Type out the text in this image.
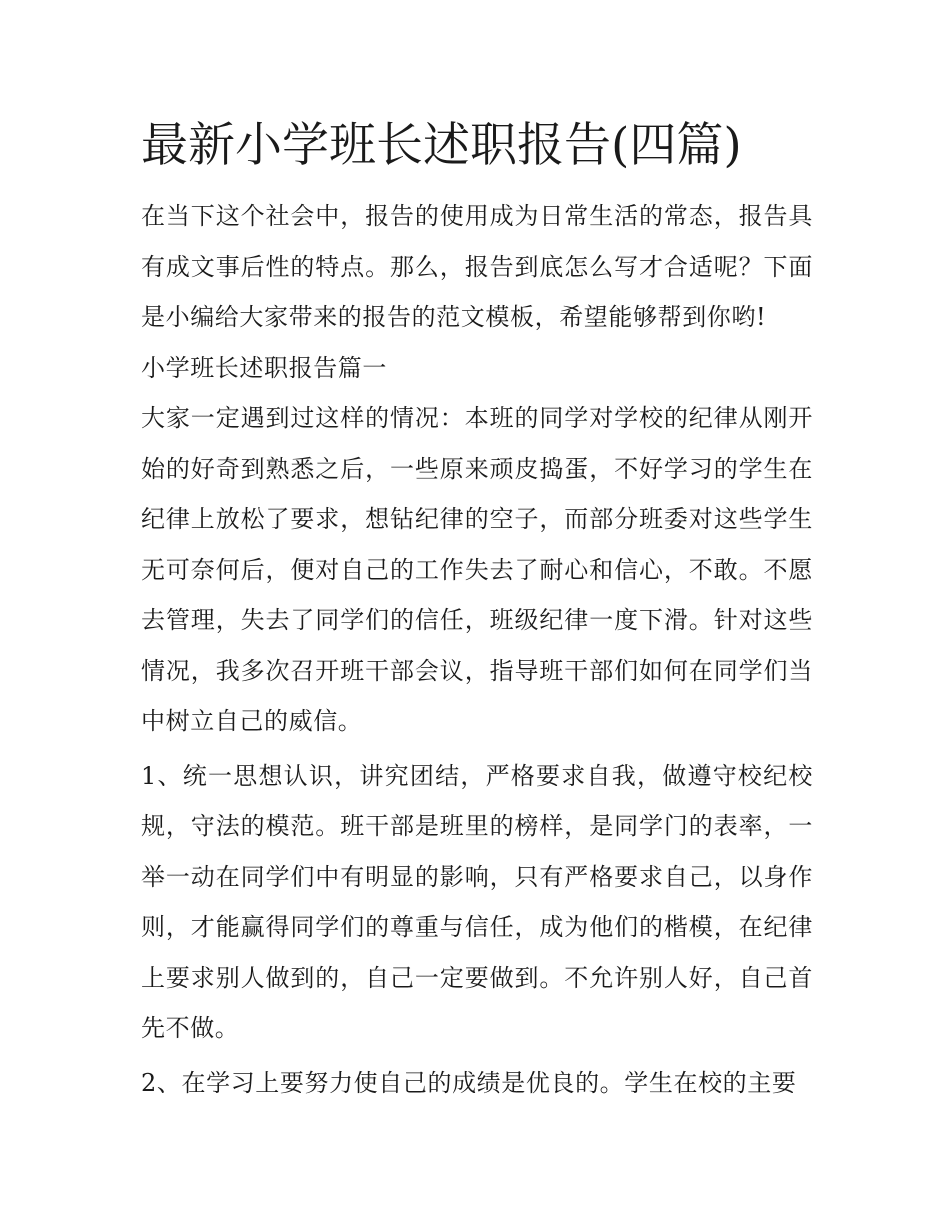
最新小学班长述职报告(四篇)

在当下这个社会中，报告的使用成为日常生活的常态，报告具有成文事后性的特点。那么，报告到底怎么写才合适呢？下面是小编给大家带来的报告的范文模板，希望能够帮到你哟!

小学班长述职报告篇一

大家一定遇到过这样的情况：本班的同学对学校的纪律从刚开始的好奇到熟悉之后，一些原来顽皮捣蛋，不好学习的学生在纪律上放松了要求，想钻纪律的空子，而部分班委对这些学生无可奈何后，便对自己的工作失去了耐心和信心，不敢。不愿去管理，失去了同学们的信任，班级纪律一度下滑。针对这些情况，我多次召开班干部会议，指导班干部们如何在同学们当中树立自己的威信。

1、统一思想认识，讲究团结，严格要求自我，做遵守校纪校规，守法的模范。班干部是班里的榜样，是同学门的表率，一举一动在同学们中有明显的影响，只有严格要求自己，以身作则，才能赢得同学们的尊重与信任，成为他们的楷模，在纪律上要求别人做到的，自己一定要做到。不允许别人好，自己首先不做。

2、在学习上要努力使自己的成绩是优良的。学生在校的主要
